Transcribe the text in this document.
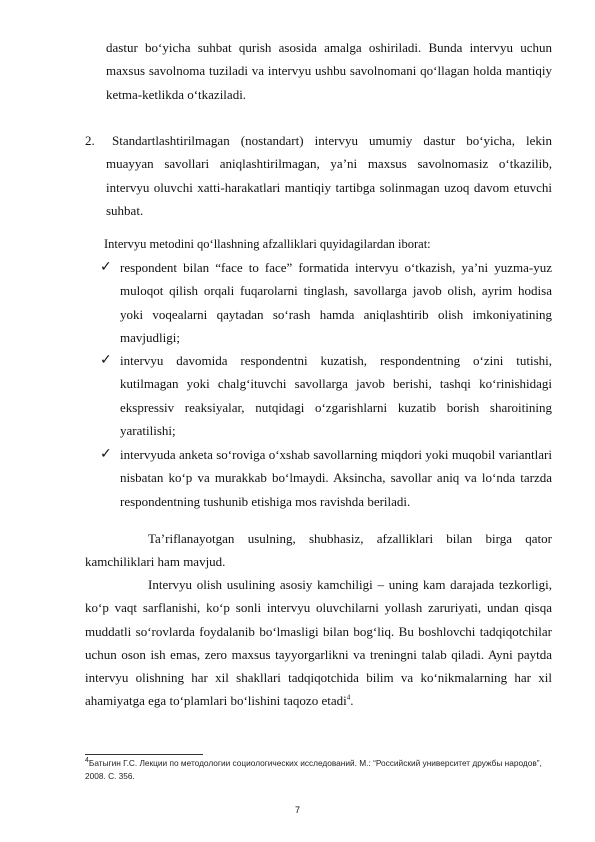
dastur bo‘yicha suhbat qurish asosida amalga oshiriladi. Bunda intervyu uchun maxsus savolnoma tuziladi va intervyu ushbu savolnomani qo‘llagan holda mantiqiy ketma-ketlikda o‘tkaziladi.
2.	Standartlashtirilmagan (nostandart) intervyu umumiy dastur bo‘yicha, lekin muayyan savollari aniqlashtirilmagan, ya’ni maxsus savolnomasiz o‘tkazilib, intervyu oluvchi xatti-harakatlari mantiqiy tartibga solinmagan uzoq davom etuvchi suhbat.
Intervyu metodini qo‘llashning afzalliklari quyidagilardan iborat:
✓ respondent bilan “face to face” formatida intervyu o‘tkazish, ya’ni yuzma-yuz muloqot qilish orqali fuqarolarni tinglash, savollarga javob olish, ayrim hodisa yoki voqealarni qaytadan so‘rash hamda aniqlashtirib olish imkoniyatining mavjudligi;
✓ intervyu davomida respondentni kuzatish, respondentning o‘zini tutishi, kutilmagan yoki chalg‘ituvchi savollarga javob berishi, tashqi ko‘rinishidagi ekspressiv reaksiyalar, nutqidagi o‘zgarishlarni kuzatib borish sharoitining yaratilishi;
✓ intervyuda anketa so‘roviga o‘xshab savollarning miqdori yoki muqobil variantlari nisbatan ko‘p va murakkab bo‘lmaydi. Aksincha, savollar aniq va lo‘nda tarzda respondentning tushunib etishiga mos ravishda beriladi.
Ta’riflanayotgan usulning, shubhasiz, afzalliklari bilan birga qator kamchiliklari ham mavjud.
Intervyu olish usulining asosiy kamchiligi – uning kam darajada tezkorligi, ko‘p vaqt sarflanishi, ko‘p sonli intervyu oluvchilarni yollash zaruriyati, undan qisqa muddatli so‘rovlarda foydalanib bo‘lmasligi bilan bog‘liq. Bu boshlovchi tadqiqotchilar uchun oson ish emas, zero maxsus tayyorgarlikni va treningni talab qiladi. Ayni paytda intervyu olishning har xil shakllari tadqiqotchida bilim va ko‘nikmalarning har xil ahamiyatga ega to‘plamlari bo‘lishini taqozo etadi$^4$.
$^4$Батыгин Г.С. Лекции по методологии социологических исследований. М.: “Российский университет дружбы народов”, 2008. С. 356.
7
